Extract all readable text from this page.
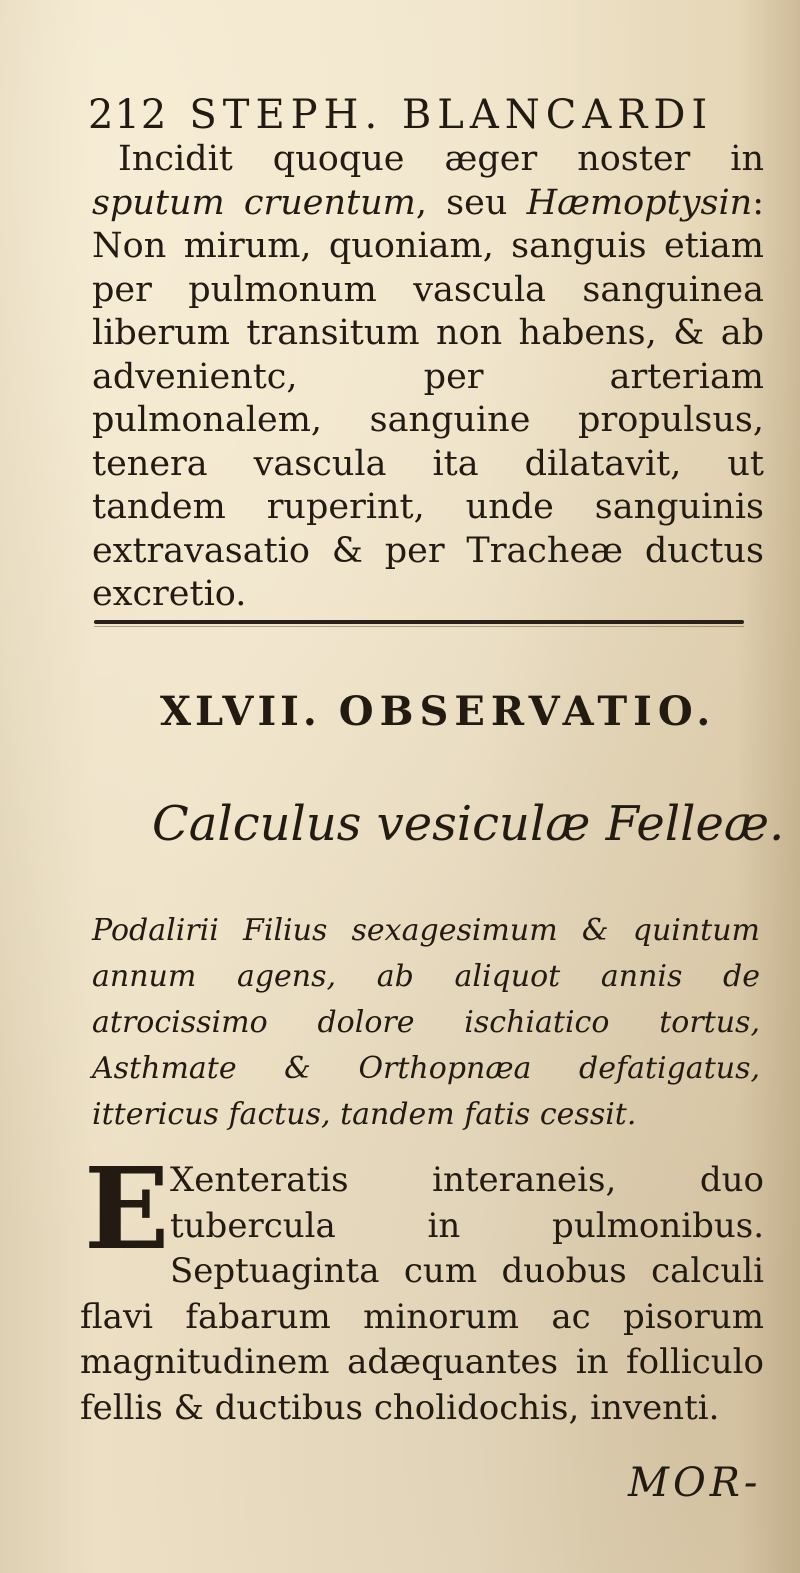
212 STEPH. BLANCARDI
Incidit quoque æger noster in sputum cruentum, seu Hæmoptysin: Non mirum, quoniam, sanguis etiam per pulmonum vascula sanguinea liberum transitum non habens, & ab advenientc, per arteriam pulmonalem, sanguine propulsus, tenera vascula ita dilatavit, ut tandem ruperint, unde sanguinis extravasatio & per Tracheæ ductus excretio.
XLVII. OBSERVATIO.
Calculus vesiculæ Felleæ.
Podalirii Filius sexagesimum & quintum annum agens, ab aliquot annis de atrocissimo dolore ischiatico tortus, Asthmate & Orthopnæa defatigatus, ittericus factus, tandem fatis cessit.
E Xenteratis interaneis, duo tubercula in pulmonibus. Septuaginta cum duobus calculi flavi fabarum minorum ac pisorum magnitudinem adæquantes in folliculo fellis & ductibus cholidochis, inventi.
MOR-
